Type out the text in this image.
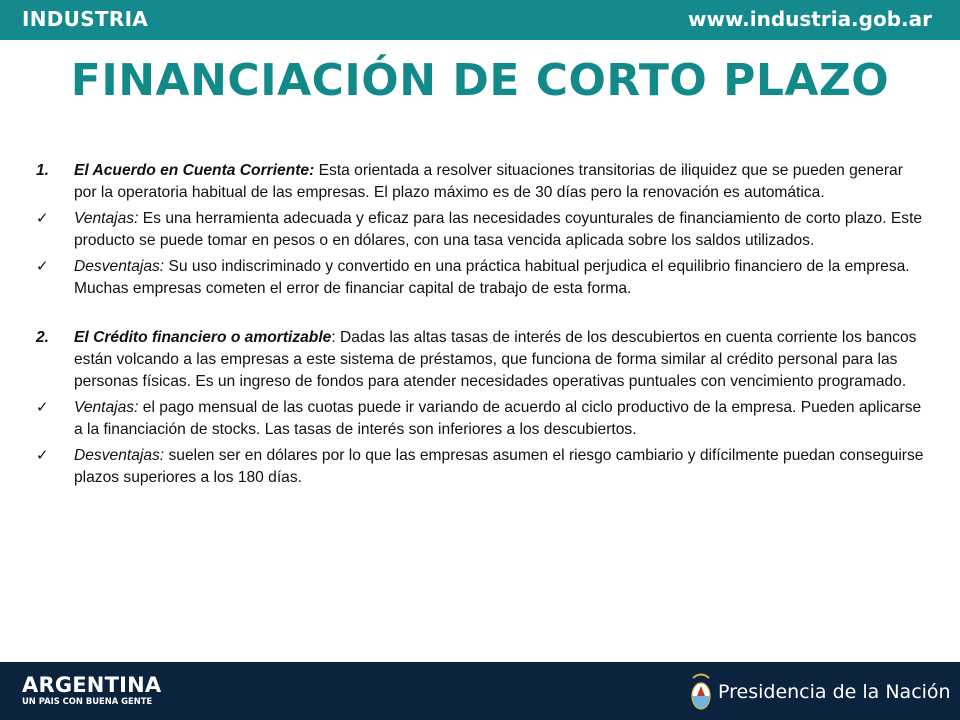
INDUSTRIA	www.industria.gob.ar
FINANCIACIÓN DE CORTO PLAZO
1.	El Acuerdo en Cuenta Corriente: Esta orientada a resolver situaciones transitorias de iliquidez que se pueden generar por la operatoria habitual de las empresas. El plazo máximo es de 30 días pero la renovación es automática.
✓	Ventajas: Es una herramienta adecuada y eficaz para las necesidades coyunturales de financiamiento de corto plazo. Este producto se puede tomar en pesos o en dólares, con una tasa vencida aplicada sobre los saldos utilizados.
✓	Desventajas: Su uso indiscriminado y convertido en una práctica habitual perjudica el equilibrio financiero de la empresa. Muchas empresas cometen el error de financiar capital de trabajo de esta forma.
2.	El Crédito financiero o amortizable: Dadas las altas tasas de interés de los descubiertos en cuenta corriente los bancos están volcando a las empresas a este sistema de préstamos, que funciona de forma similar al crédito personal para las personas físicas. Es un ingreso de fondos para atender necesidades operativas puntuales con vencimiento programado.
✓	Ventajas: el pago mensual de las cuotas puede ir variando de acuerdo al ciclo productivo de la empresa. Pueden aplicarse a la financiación de stocks. Las tasas de interés son inferiores a los descubiertos.
✓	Desventajas: suelen ser en dólares por lo que las empresas asumen el riesgo cambiario y difícilmente puedan conseguirse plazos superiores a los 180 días.
ARGENTINA
UN PAIS CON BUENA GENTE	Presidencia de la Nación
